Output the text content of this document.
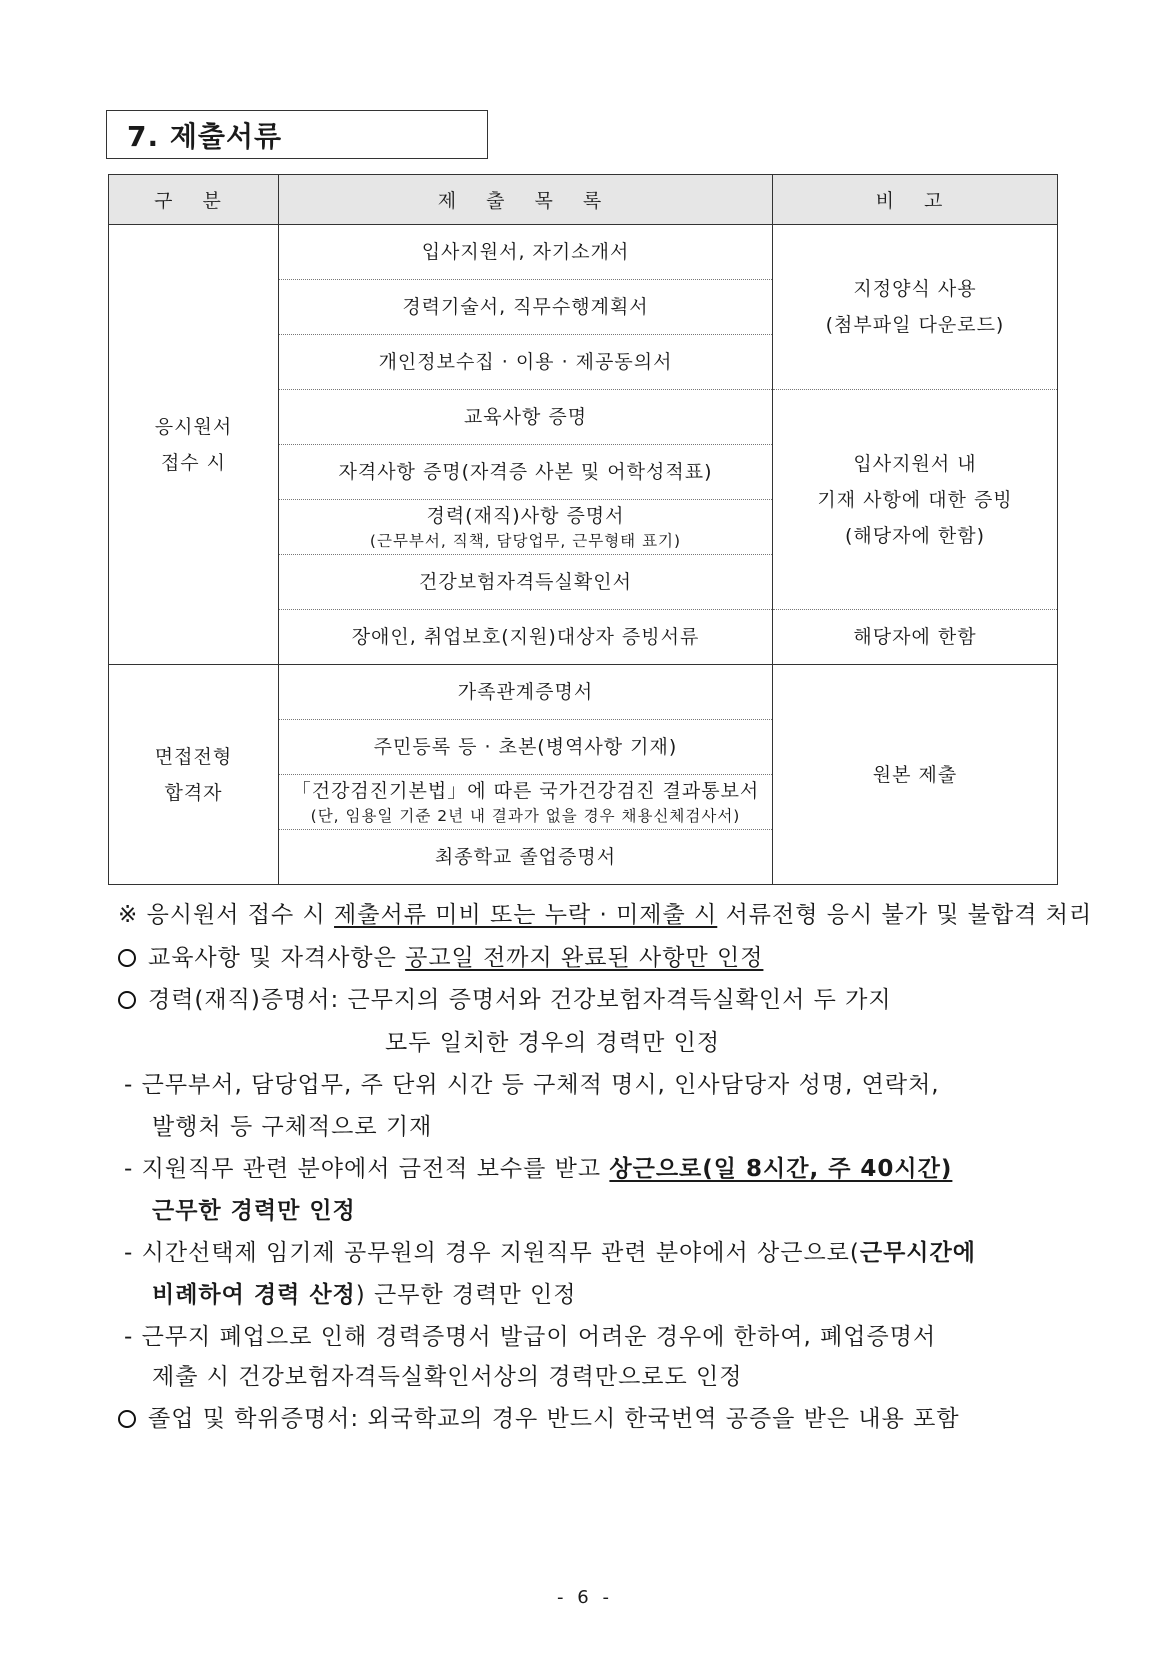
7. 제출서류
구 분	제 출 목 록	비 고

응시원서
접수 시
	입사지원서, 자기소개서	
지정양식 사용
(첨부파일 다운로드)

	경력기술서, 직무수행계획서	
	개인정보수집 · 이용 · 제공동의서	
	교육사항 증명	입사지원서 내
기재 사항에 대한 증빙
(해당자에 한함)

	자격사항 증명(자격증 사본 및 어학성적표)	

	경력(재직)사항 증명서
(근무부서, 직책, 담당업무, 근무형태 표기)	

	건강보험자격득실확인서	
	장애인, 취업보호(지원)대상자 증빙서류	해당자에 한함

면접전형
합격자	가족관계증명서	원본 제출

	주민등록 등 · 초본(병역사항 기재)	

	「건강검진기본법」에 따른 국가건강검진 결과통보서
(단, 임용일 기준 2년 내 결과가 없을 경우 채용신체검사서)	

	최종학교 졸업증명서	
※ 응시원서 접수 시 제출서류 미비 또는 누락 · 미제출 시 서류전형 응시 불가 및 불합격 처리
교육사항 및 자격사항은 공고일 전까지 완료된 사항만 인정
경력(재직)증명서: 근무지의 증명서와 건강보험자격득실확인서 두 가지
모두 일치한 경우의 경력만 인정
- 근무부서, 담당업무, 주 단위 시간 등 구체적 명시, 인사담당자 성명, 연락처,
발행처 등 구체적으로 기재
- 지원직무 관련 분야에서 금전적 보수를 받고 상근으로(일 8시간, 주 40시간)
근무한 경력만 인정
- 시간선택제 임기제 공무원의 경우 지원직무 관련 분야에서 상근으로(근무시간에
비례하여 경력 산정) 근무한 경력만 인정
- 근무지 폐업으로 인해 경력증명서 발급이 어려운 경우에 한하여, 폐업증명서
제출 시 건강보험자격득실확인서상의 경력만으로도 인정
졸업 및 학위증명서: 외국학교의 경우 반드시 한국번역 공증을 받은 내용 포함
- 6 -
